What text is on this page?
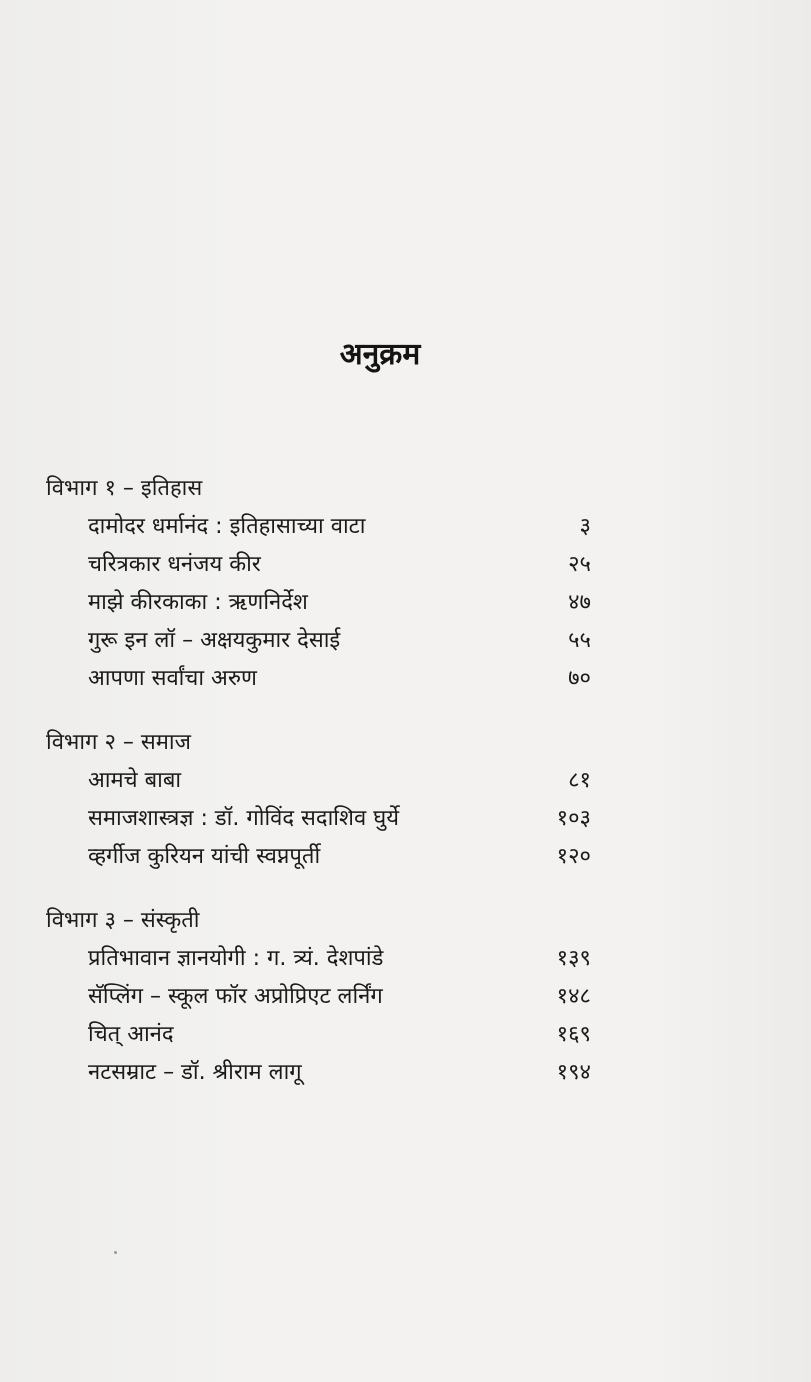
अनुक्रम
विभाग १ – इतिहास
दामोदर धर्मानंद : इतिहासाच्या वाटा	३
चरित्रकार धनंजय कीर	२५
माझे कीरकाका : ऋणनिर्देश	४७
गुरू इन लॉ – अक्षयकुमार देसाई	५५
आपणा सर्वांचा अरुण	७०
विभाग २ – समाज
आमचे बाबा	८१
समाजशास्त्रज्ञ : डॉ. गोविंद सदाशिव घुर्ये	१०३
व्हर्गीज कुरियन यांची स्वप्नपूर्ती	१२०
विभाग ३ – संस्कृती
प्रतिभावान ज्ञानयोगी : ग. त्र्यं. देशपांडे	१३९
सॅप्लिंग – स्कूल फॉर अप्रोप्रिएट लर्निंग	१४८
चित् आनंद	१६९
नटसम्राट – डॉ. श्रीराम लागू	१९४
